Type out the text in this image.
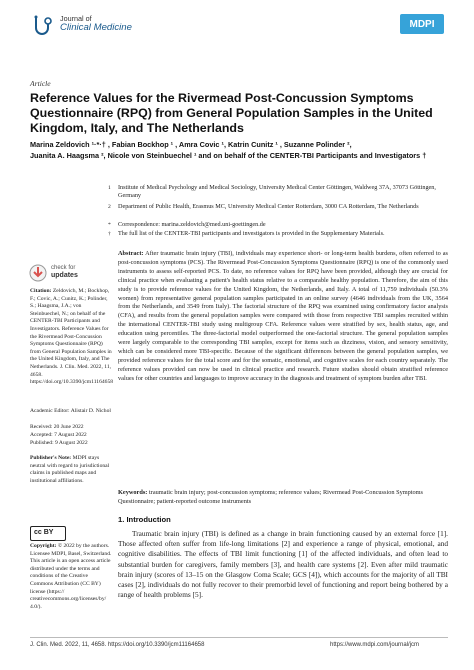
Journal of
Clinical Medicine	MDPI
Article
Reference Values for the Rivermead Post-Concussion Symptoms Questionnaire (RPQ) from General Population Samples in the United Kingdom, Italy, and The Netherlands
Marina Zeldovich ¹·*·† , Fabian Bockhop ¹ , Amra Covic ¹, Katrin Cunitz ¹ , Suzanne Polinder ²,
Juanita A. Haagsma ², Nicole von Steinbuechel ¹ and on behalf of the CENTER-TBI Participants and Investigators †
1 Institute of Medical Psychology and Medical Sociology, University Medical Center Göttingen, Waldweg 37A, 37073 Göttingen, Germany
2 Department of Public Health, Erasmus MC, University Medical Center Rotterdam, 3000 CA Rotterdam, The Netherlands
* Correspondence: marina.zeldovich@med.uni-goettingen.de
† The full list of the CENTER-TBI participants and investigators is provided in the Supplementary Materials.
check for
updates
Citation: Zeldovich, M.; Bockhop, F.; Covic, A.; Cunitz, K.; Polinder, S.; Haagsma, J.A.; von Steinbuechel, N.; on behalf of the CENTER-TBI Participants and Investigators. Reference Values for the Rivermead Post-Concussion Symptoms Questionnaire (RPQ) from General Population Samples in the United Kingdom, Italy, and The Netherlands. J. Clin. Med. 2022, 11, 4658. https://doi.org/10.3390/jcm11164658
Academic Editor: Alistair D. Nichol
Received: 20 June 2022
Accepted: 7 August 2022
Published: 9 August 2022
Publisher's Note: MDPI stays neutral with regard to jurisdictional claims in published maps and institutional affiliations.
cc BY
Copyright: © 2022 by the authors. Licensee MDPI, Basel, Switzerland. This article is an open access article distributed under the terms and conditions of the Creative Commons Attribution (CC BY) license (https:// creativecommons.org/licenses/by/ 4.0/).
Abstract: After traumatic brain injury (TBI), individuals may experience short- or long-term health burdens, often referred to as post-concussion symptoms (PCS). The Rivermead Post-Concussion Symptoms Questionnaire (RPQ) is one of the commonly used instruments to assess self-reported PCS. To date, no reference values for RPQ have been provided, although they are crucial for clinical practice when evaluating a patient's health status relative to a comparable healthy population. Therefore, the aim of this study is to provide reference values for the United Kingdom, the Netherlands, and Italy. A total of 11,759 individuals (50.3% women) from representative general population samples participated in an online survey (4646 individuals from the UK, 3564 from the Netherlands, and 3549 from Italy). The factorial structure of the RPQ was examined using confirmatory factor analysis (CFA), and results from the general population samples were compared with those from respective TBI samples recruited within the international CENTER-TBI study using multigroup CFA. Reference values were stratified by sex, health status, age, and education using percentiles. The three-factorial model outperformed the one-factorial structure. The general population samples were largely comparable to the corresponding TBI samples, except for items such as dizziness, vision, and sensory sensitivity, which can be considered more TBI-specific. Because of the significant differences between the general population samples, we provided reference values for the total score and for the somatic, emotional, and cognitive scales for each country separately. The reference values provided can now be used in clinical practice and research. Future studies should obtain stratified reference values for other countries and languages to improve accuracy in the diagnosis and treatment of symptom burden after TBI.
Keywords: traumatic brain injury; post-concussion symptoms; reference values; Rivermead Post-Concussion Symptoms Questionnaire; patient-reported outcome instruments
1. Introduction
Traumatic brain injury (TBI) is defined as a change in brain functioning caused by an external force [1]. Those affected often suffer from life-long limitations [2] and experience a range of physical, emotional, and cognitive disabilities. The effects of TBI limit functioning [1] of the affected individuals, and often lead to substantial burden for caregivers, family members [3], and health care systems [2]. Even after mild traumatic brain injury (scores of 13–15 on the Glasgow Coma Scale; GCS [4]), which accounts for the majority of all TBI cases [2], individuals do not fully recover to their premorbid level of functioning and report being bothered by a range of health problems [5].
J. Clin. Med. 2022, 11, 4658. https://doi.org/10.3390/jcm11164658	https://www.mdpi.com/journal/jcm
